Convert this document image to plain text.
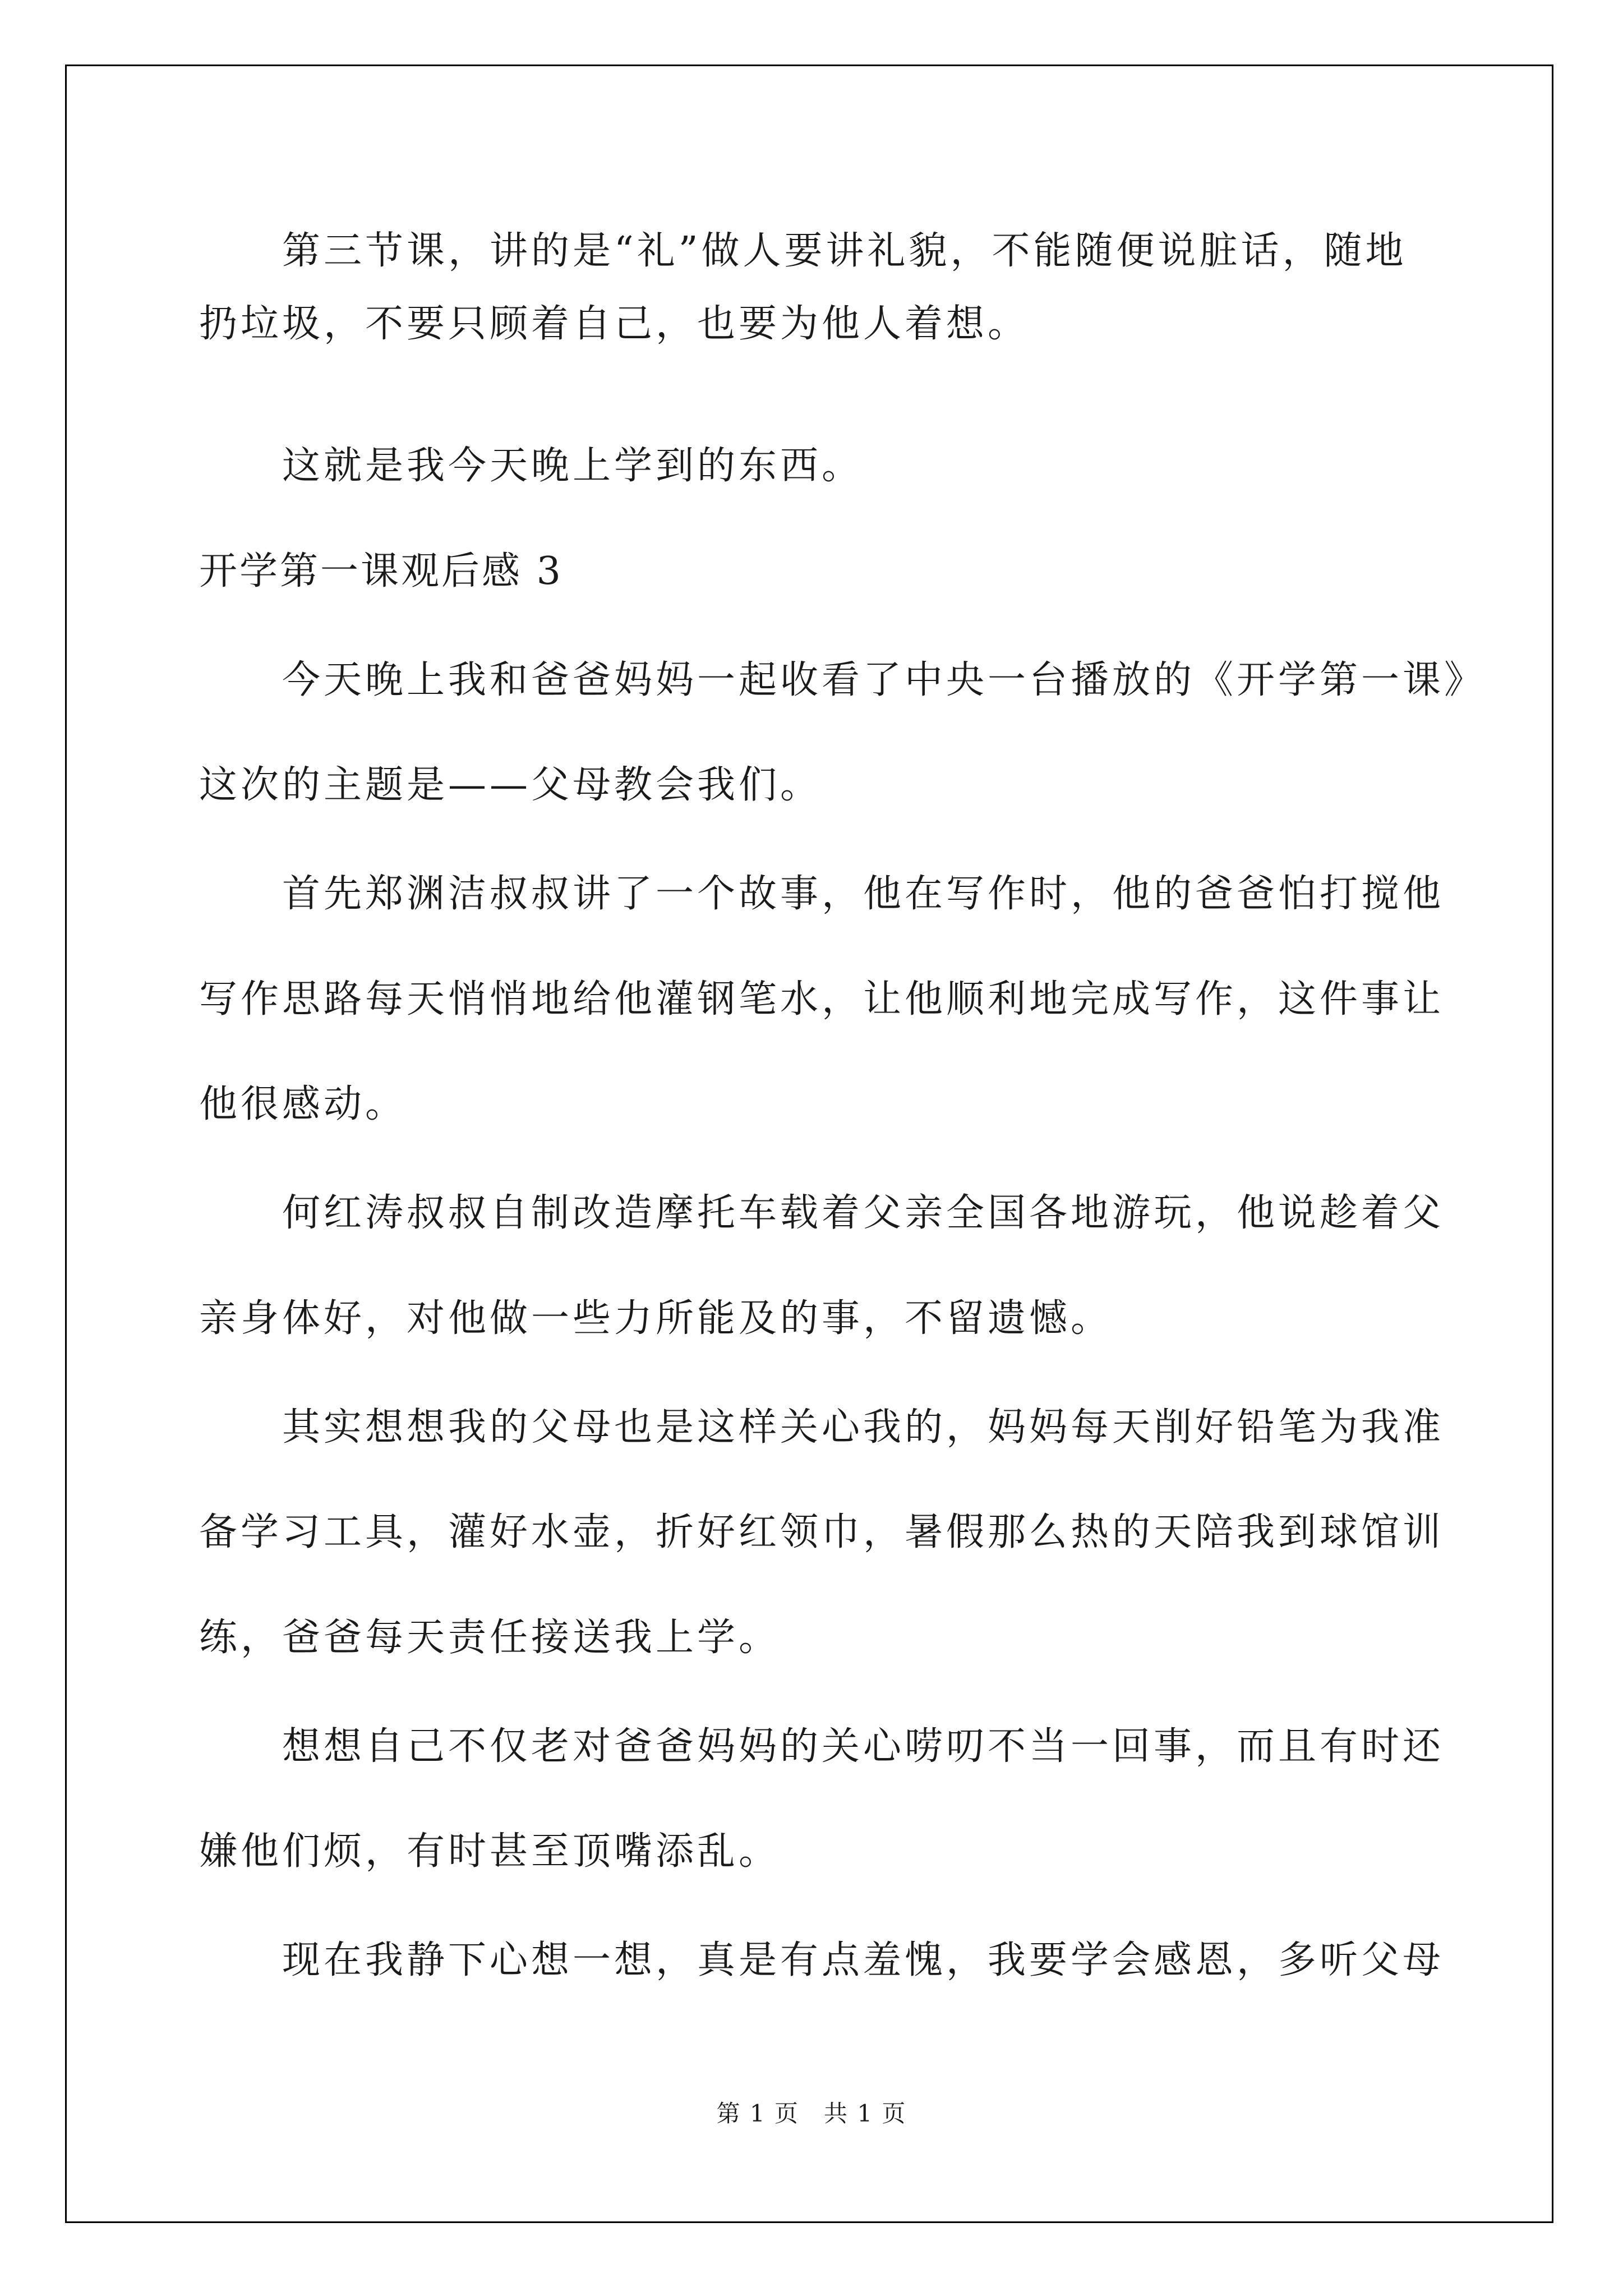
第三节课，讲的是“礼”做人要讲礼貌，不能随便说脏话，随地
扔垃圾，不要只顾着自己，也要为他人着想。
这就是我今天晚上学到的东西。
开学第一课观后感 3
今天晚上我和爸爸妈妈一起收看了中央一台播放的《开学第一课》
这次的主题是——父母教会我们。
首先郑渊洁叔叔讲了一个故事，他在写作时，他的爸爸怕打搅他
写作思路每天悄悄地给他灌钢笔水，让他顺利地完成写作，这件事让
他很感动。
何红涛叔叔自制改造摩托车载着父亲全国各地游玩，他说趁着父
亲身体好，对他做一些力所能及的事，不留遗憾。
其实想想我的父母也是这样关心我的，妈妈每天削好铅笔为我准
备学习工具，灌好水壶，折好红领巾，暑假那么热的天陪我到球馆训
练，爸爸每天责任接送我上学。
想想自己不仅老对爸爸妈妈的关心唠叨不当一回事，而且有时还
嫌他们烦，有时甚至顶嘴添乱。
现在我静下心想一想，真是有点羞愧，我要学会感恩，多听父母
第 1 页　共 1 页
